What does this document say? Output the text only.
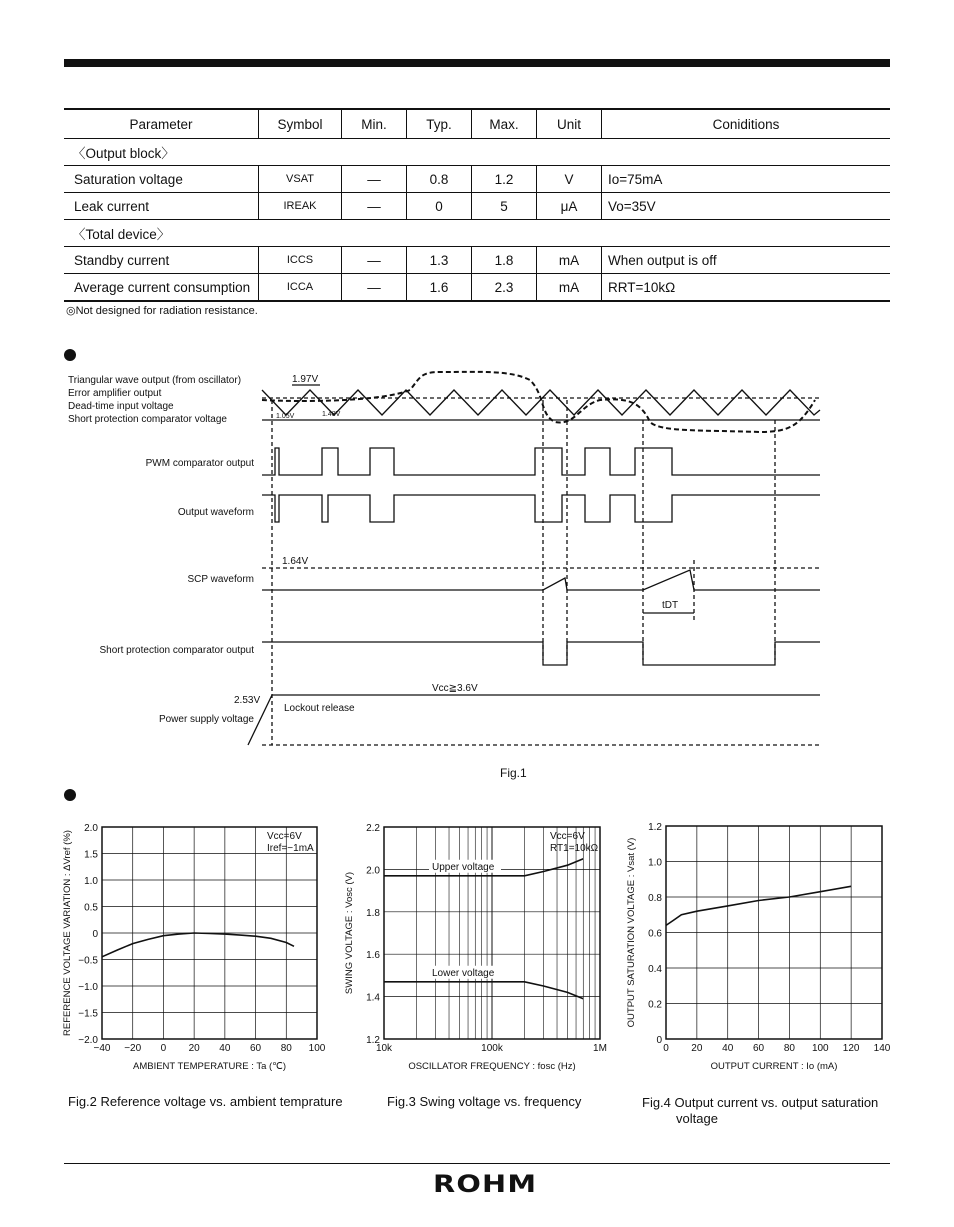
Parameter	Symbol	Min.	Typ.	Max.	Unit	Coniditions
〈Output block〉						
Saturation voltage	VSAT	—	0.8	1.2	V	Io=75mA
Leak current	IREAK	—	0	5	μA	Vo=35V
〈Total device〉						
Standby current	ICCS	—	1.3	1.8	mA	When output is off
Average current consumption	ICCA	—	1.6	2.3	mA	RRT=10kΩ
◎Not designed for radiation resistance.
Triangular wave output (from oscillator)
Error amplifier output
Dead-time input voltage
Short protection comparator voltage
PWM comparator output
Output waveform
SCP waveform
Short protection comparator output
Power supply voltage
1.97V
1.05V	1.48V
1.64V
2.53V
Vcc≧3.6V
Lockout release
tDT
Fig.1
−40 −20 0 20 40 60 80 100
2.0
1.5
1.0
0.5
0
−0.5
−1.0
−1.5
−2.0
AMBIENT TEMPERATURE : Ta (℃)
REFERENCE VOLTAGE VARIATION : ΔVref (%)	Vcc=6V
Iref=−1mA
10k	100k	1M
2.2
2.0
1.8
1.6
1.4
1.2
OSCILLATOR FREQUENCY : fosc (Hz)
SWING VOLTAGE : Vosc (V)
Vcc=6V
RT1=10kΩ
Upper voltage
Lower voltage
0 20 40 60 80 100 120 140
1.2
1.0
0.8
0.6
0.4
0.2
0
OUTPUT CURRENT : Io (mA)
OUTPUT SATURATION VOLTAGE : Vsat (V)
Fig.2 Reference voltage vs. ambient temprature	Fig.3 Swing voltage vs. frequency	Fig.4 Output current vs. output saturation
voltage
ROHM
